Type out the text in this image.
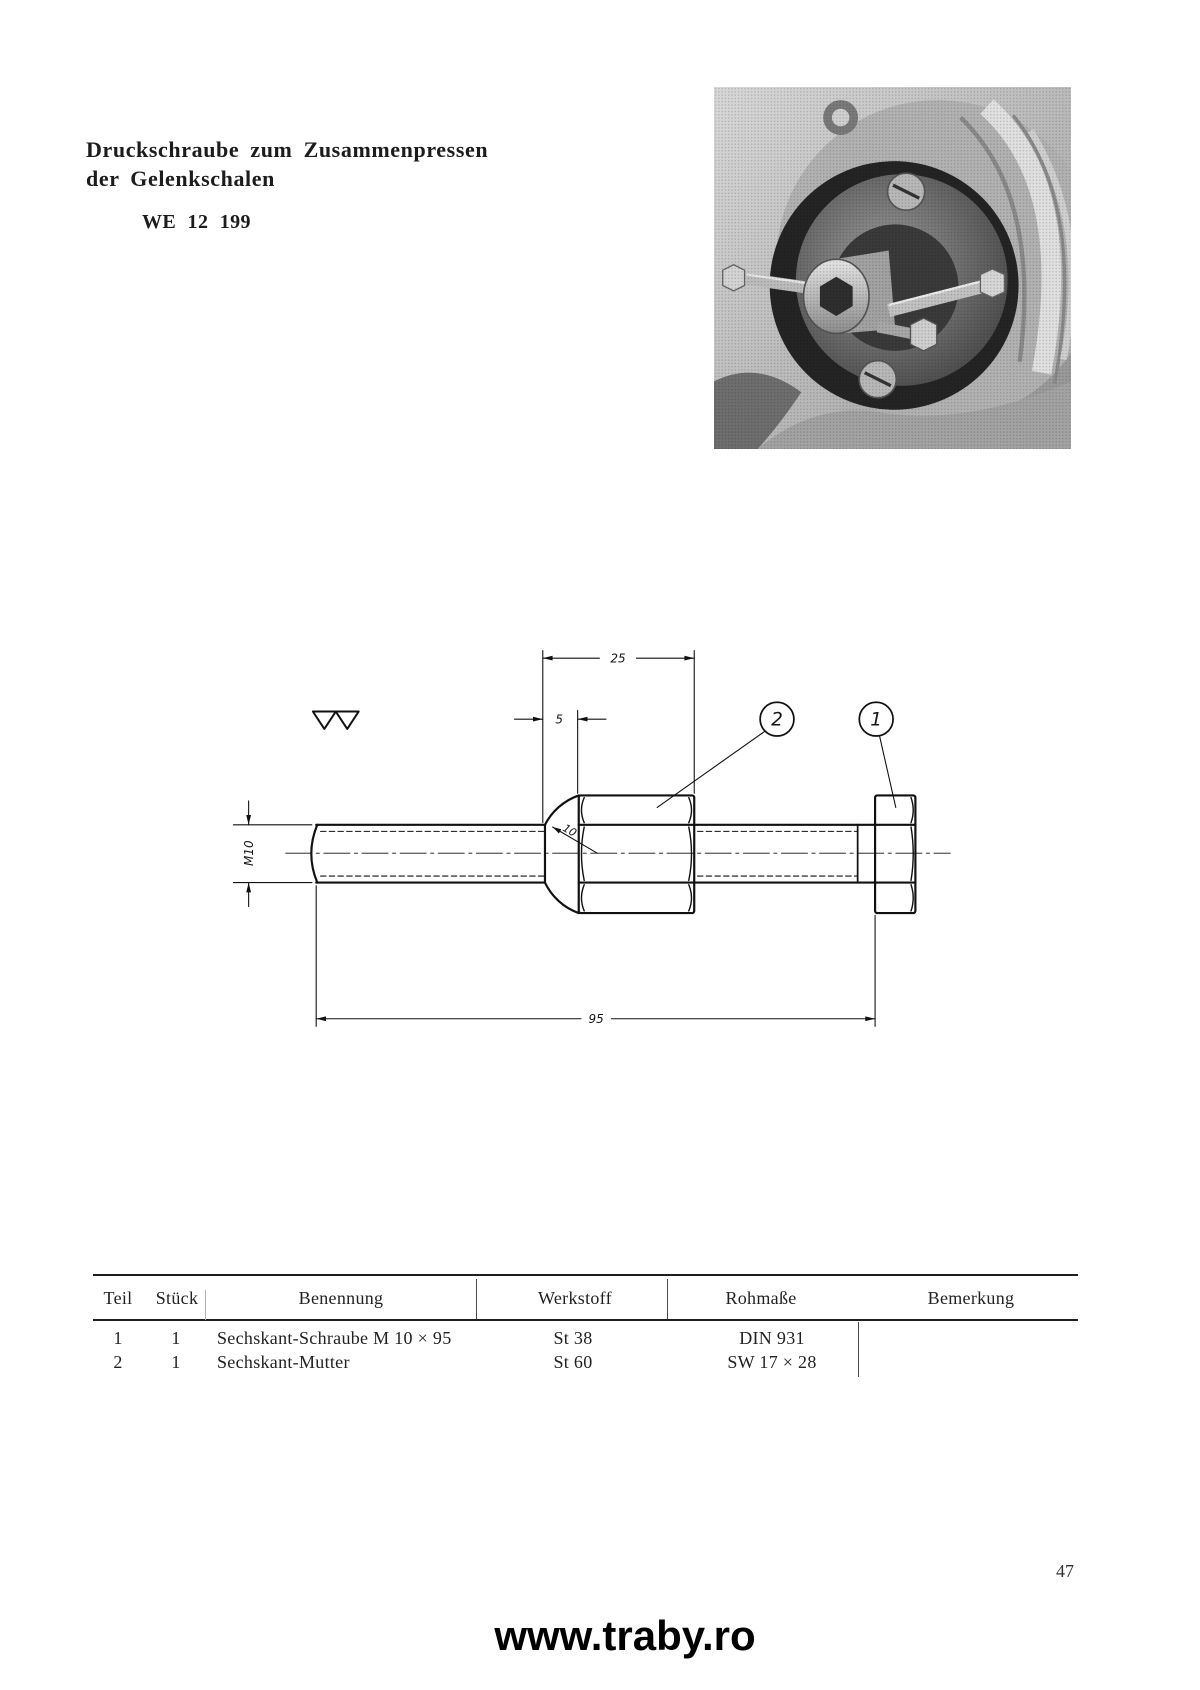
Druckschraube zum Zusammenpressen
der Gelenkschalen
WE 12 199
25
5
10
M10
95
2	1
Teil Stück	Benennung	Werkstoff	Rohmaße	Bemerkung
1	1 Sechskant-Schraube M 10 × 95	St 38	DIN 931
2	1 Sechskant-Mutter	St 60	SW 17 × 28
47
www.traby.ro
